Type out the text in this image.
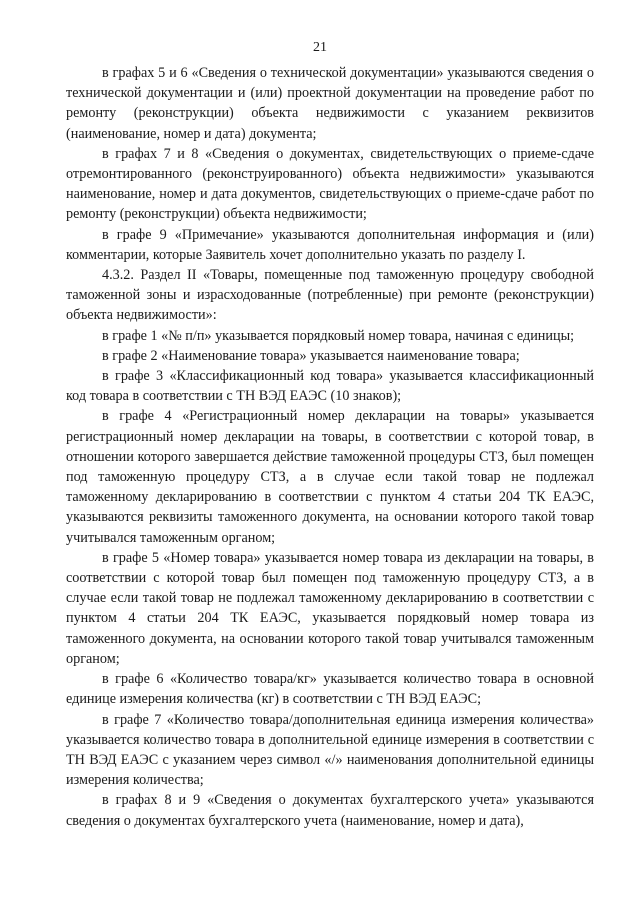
21

в графах 5 и 6 «Сведения о технической документации» указываются сведения о технической документации и (или) проектной документации на проведение работ по ремонту (реконструкции) объекта недвижимости с указанием реквизитов (наименование, номер и дата) документа;

в графах 7 и 8 «Сведения о документах, свидетельствующих о приеме-сдаче отремонтированного (реконструированного) объекта недвижимости» указываются наименование, номер и дата документов, свидетельствующих о приеме-сдаче работ по ремонту (реконструкции) объекта недвижимости;

в графе 9 «Примечание» указываются дополнительная информация и (или) комментарии, которые Заявитель хочет дополнительно указать по разделу I.

4.3.2. Раздел II «Товары, помещенные под таможенную процедуру свободной таможенной зоны и израсходованные (потребленные) при ремонте (реконструкции) объекта недвижимости»:

в графе 1 «№ п/п» указывается порядковый номер товара, начиная с единицы;

в графе 2 «Наименование товара» указывается наименование товара;

в графе 3 «Классификационный код товара» указывается классификационный код товара в соответствии с ТН ВЭД ЕАЭС (10 знаков);

в графе 4 «Регистрационный номер декларации на товары» указывается регистрационный номер декларации на товары, в соответствии с которой товар, в отношении которого завершается действие таможенной процедуры СТЗ, был помещен под таможенную процедуру СТЗ, а в случае если такой товар не подлежал таможенному декларированию в соответствии с пунктом 4 статьи 204 ТК ЕАЭС, указываются реквизиты таможенного документа, на основании которого такой товар учитывался таможенным органом;

в графе 5 «Номер товара» указывается номер товара из декларации на товары, в соответствии с которой товар был помещен под таможенную процедуру СТЗ, а в случае если такой товар не подлежал таможенному декларированию в соответствии с пунктом 4 статьи 204 ТК ЕАЭС, указывается порядковый номер товара из таможенного документа, на основании которого такой товар учитывался таможенным органом;

в графе 6 «Количество товара/кг» указывается количество товара в основной единице измерения количества (кг) в соответствии с ТН ВЭД ЕАЭС;

в графе 7 «Количество товара/дополнительная единица измерения количества» указывается количество товара в дополнительной единице измерения в соответствии с ТН ВЭД ЕАЭС с указанием через символ «/» наименования дополнительной единицы измерения количества;

в графах 8 и 9 «Сведения о документах бухгалтерского учета» указываются сведения о документах бухгалтерского учета (наименование, номер и дата),
